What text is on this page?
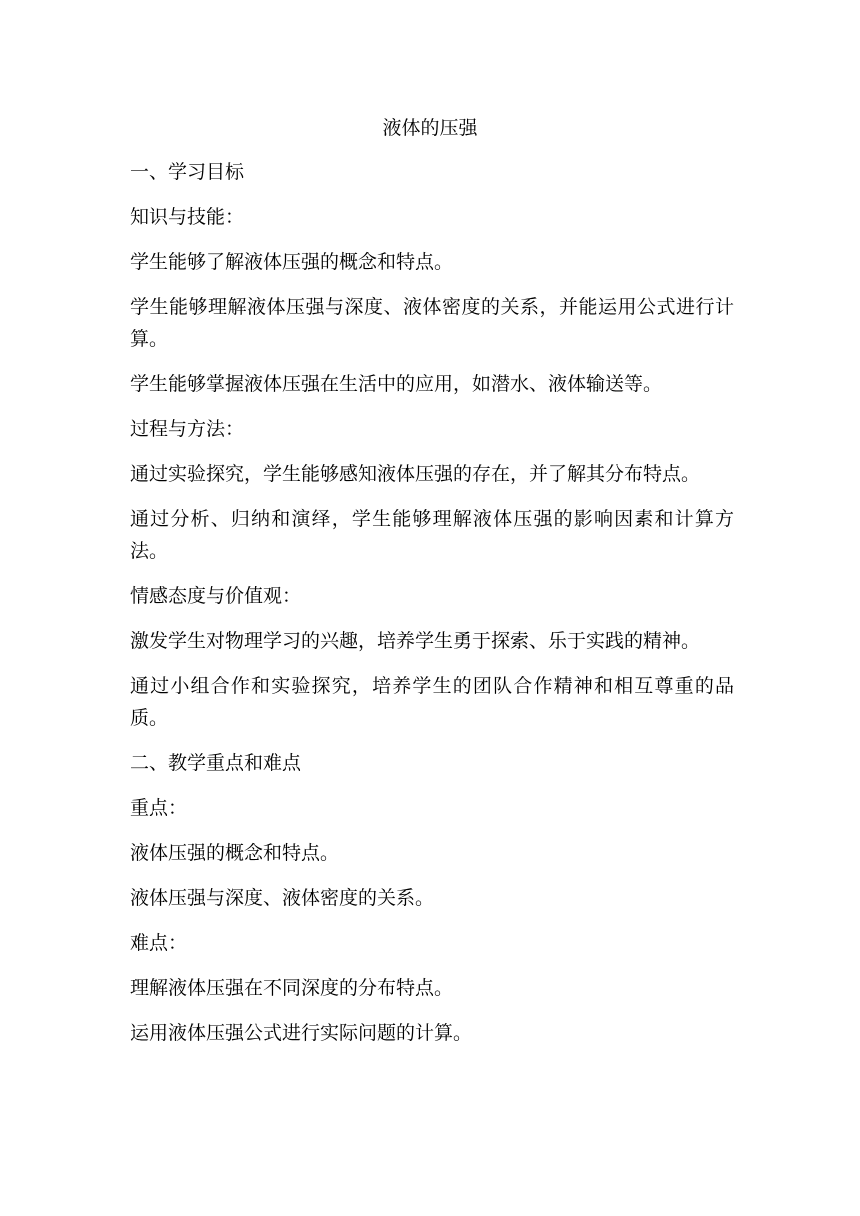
液体的压强

一、学习目标

知识与技能：

学生能够了解液体压强的概念和特点。

学生能够理解液体压强与深度、液体密度的关系，并能运用公式进行计算。

学生能够掌握液体压强在生活中的应用，如潜水、液体输送等。

过程与方法：

通过实验探究，学生能够感知液体压强的存在，并了解其分布特点。

通过分析、归纳和演绎，学生能够理解液体压强的影响因素和计算方法。

情感态度与价值观：

激发学生对物理学习的兴趣，培养学生勇于探索、乐于实践的精神。

通过小组合作和实验探究，培养学生的团队合作精神和相互尊重的品质。

二、教学重点和难点

重点：

液体压强的概念和特点。

液体压强与深度、液体密度的关系。

难点：

理解液体压强在不同深度的分布特点。

运用液体压强公式进行实际问题的计算。
